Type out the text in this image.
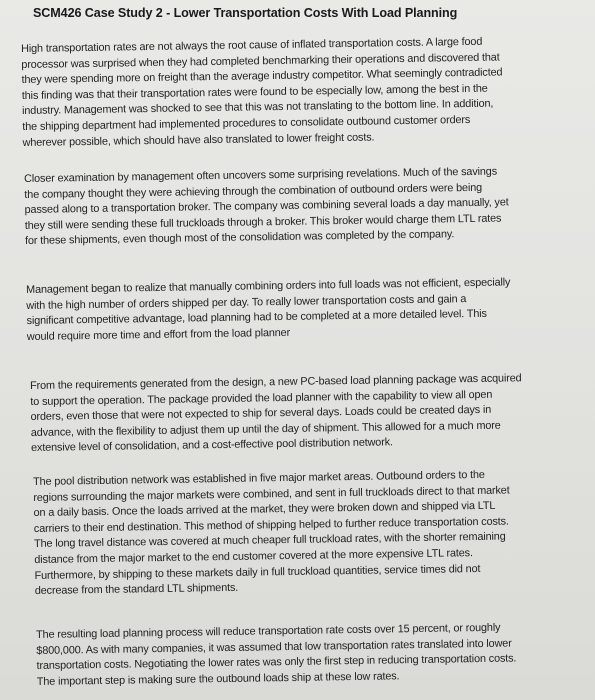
SCM426 Case Study 2 - Lower Transportation Costs With Load Planning
High transportation rates are not always the root cause of inflated transportation costs. A large food
processor was surprised when they had completed benchmarking their operations and discovered that
they were spending more on freight than the average industry competitor. What seemingly contradicted
this finding was that their transportation rates were found to be especially low, among the best in the
industry. Management was shocked to see that this was not translating to the bottom line. In addition,
the shipping department had implemented procedures to consolidate outbound customer orders
wherever possible, which should have also translated to lower freight costs.
Closer examination by management often uncovers some surprising revelations. Much of the savings
the company thought they were achieving through the combination of outbound orders were being
passed along to a transportation broker. The company was combining several loads a day manually, yet
they still were sending these full truckloads through a broker. This broker would charge them LTL rates
for these shipments, even though most of the consolidation was completed by the company.
Management began to realize that manually combining orders into full loads was not efficient, especially
with the high number of orders shipped per day. To really lower transportation costs and gain a
significant competitive advantage, load planning had to be completed at a more detailed level. This
would require more time and effort from the load planner
From the requirements generated from the design, a new PC-based load planning package was acquired
to support the operation. The package provided the load planner with the capability to view all open
orders, even those that were not expected to ship for several days. Loads could be created days in
advance, with the flexibility to adjust them up until the day of shipment. This allowed for a much more
extensive level of consolidation, and a cost-effective pool distribution network.
The pool distribution network was established in five major market areas. Outbound orders to the
regions surrounding the major markets were combined, and sent in full truckloads direct to that market
on a daily basis. Once the loads arrived at the market, they were broken down and shipped via LTL
carriers to their end destination. This method of shipping helped to further reduce transportation costs.
The long travel distance was covered at much cheaper full truckload rates, with the shorter remaining
distance from the major market to the end customer covered at the more expensive LTL rates.
Furthermore, by shipping to these markets daily in full truckload quantities, service times did not
decrease from the standard LTL shipments.
The resulting load planning process will reduce transportation rate costs over 15 percent, or roughly
$800,000. As with many companies, it was assumed that low transportation rates translated into lower
transportation costs. Negotiating the lower rates was only the first step in reducing transportation costs.
The important step is making sure the outbound loads ship at these low rates.
